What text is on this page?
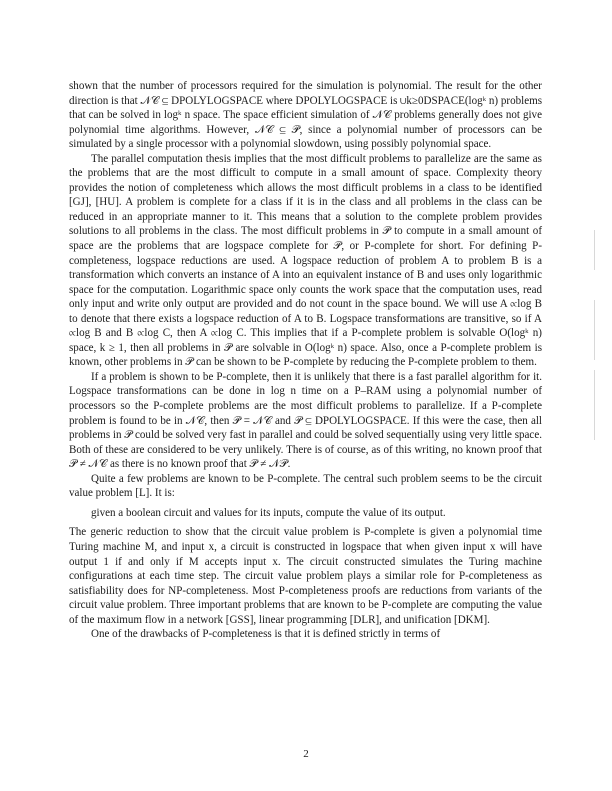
shown that the number of processors required for the simulation is polynomial. The result for the other direction is that 𝒩𝒞 ⊆ DPOLYLOGSPACE where DPOLYLOGSPACE is ∪k≥0DSPACE(logᵏ n) problems that can be solved in logᵏ n space. The space efficient simulation of 𝒩𝒞 problems generally does not give polynomial time algorithms. However, 𝒩𝒞 ⊆ 𝒫, since a polynomial number of processors can be simulated by a single processor with a polynomial slowdown, using possibly polynomial space.

The parallel computation thesis implies that the most difficult problems to parallelize are the same as the problems that are the most difficult to compute in a small amount of space. Complexity theory provides the notion of completeness which allows the most difficult problems in a class to be identified [GJ], [HU]. A problem is complete for a class if it is in the class and all problems in the class can be reduced in an appropriate manner to it. This means that a solution to the complete problem provides solutions to all problems in the class. The most difficult problems in 𝒫 to compute in a small amount of space are the problems that are logspace complete for 𝒫, or P-complete for short. For defining P-completeness, logspace reductions are used. A logspace reduction of problem A to problem B is a transformation which converts an instance of A into an equivalent instance of B and uses only logarithmic space for the computation. Logarithmic space only counts the work space that the computation uses, read only input and write only output are provided and do not count in the space bound. We will use A ∝log B to denote that there exists a logspace reduction of A to B. Logspace transformations are transitive, so if A ∝log B and B ∝log C, then A ∝log C. This implies that if a P-complete problem is solvable O(logᵏ n) space, k ≥ 1, then all problems in 𝒫 are solvable in O(logᵏ n) space. Also, once a P-complete problem is known, other problems in 𝒫 can be shown to be P-complete by reducing the P-complete problem to them.

If a problem is shown to be P-complete, then it is unlikely that there is a fast parallel algorithm for it. Logspace transformations can be done in log n time on a P–RAM using a polynomial number of processors so the P-complete problems are the most difficult problems to parallelize. If a P-complete problem is found to be in 𝒩𝒞, then 𝒫 = 𝒩𝒞 and 𝒫 ⊆ DPOLYLOGSPACE. If this were the case, then all problems in 𝒫 could be solved very fast in parallel and could be solved sequentially using very little space. Both of these are considered to be very unlikely. There is of course, as of this writing, no known proof that 𝒫 ≠ 𝒩𝒞 as there is no known proof that 𝒫 ≠ 𝒩𝒫.

Quite a few problems are known to be P-complete. The central such problem seems to be the circuit value problem [L]. It is:

given a boolean circuit and values for its inputs, compute the value of its output.

The generic reduction to show that the circuit value problem is P-complete is given a polynomial time Turing machine M, and input x, a circuit is constructed in logspace that when given input x will have output 1 if and only if M accepts input x. The circuit constructed simulates the Turing machine configurations at each time step. The circuit value problem plays a similar role for P-completeness as satisfiability does for NP-completeness. Most P-completeness proofs are reductions from variants of the circuit value problem. Three important problems that are known to be P-complete are computing the value of the maximum flow in a network [GSS], linear programming [DLR], and unification [DKM].

One of the drawbacks of P-completeness is that it is defined strictly in terms of

2
